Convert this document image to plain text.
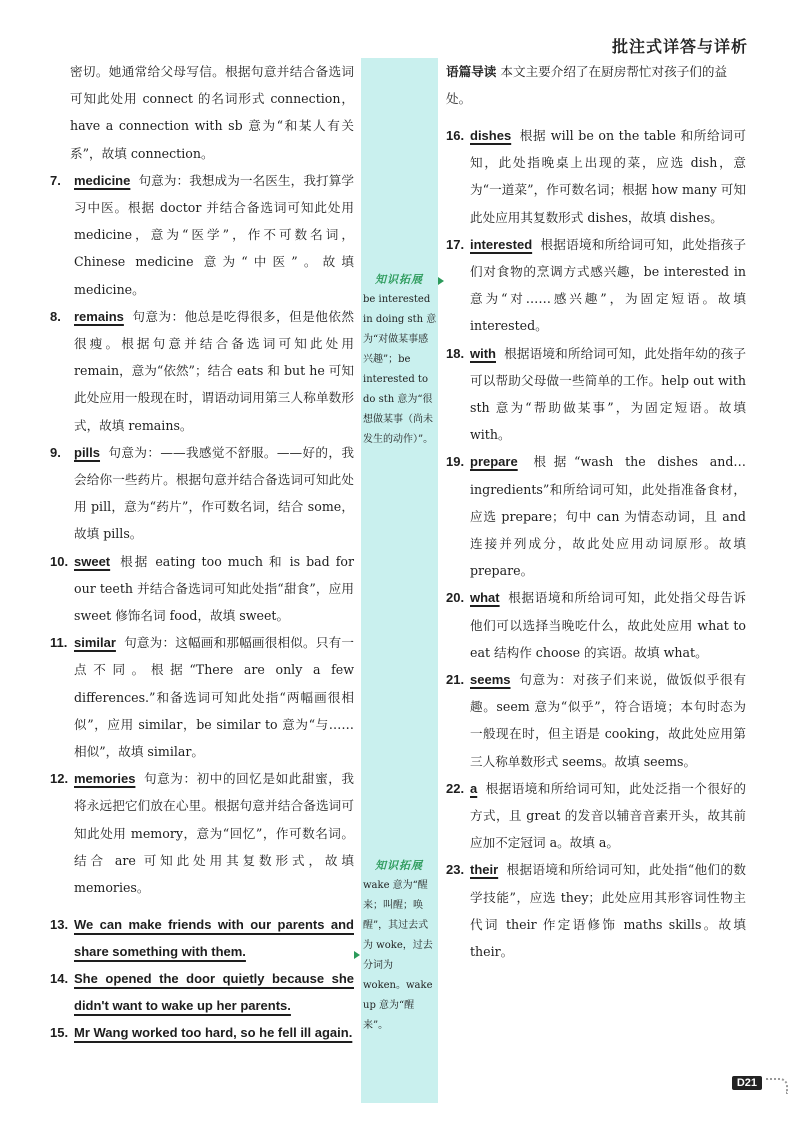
批注式详答与详析
密切。她通常给父母写信。根据句意并结合备选词可知此处用 connect 的名词形式 connection，have a connection with sb 意为“和某人有关系”，故填 connection。
7. medicine 句意为：我想成为一名医生，我打算学习中医。根据 doctor 并结合备选词可知此处用 medicine，意为“医学”，作不可数名词，Chinese medicine 意为“中医”。故填 medicine。
8. remains 句意为：他总是吃得很多，但是他依然很瘦。根据句意并结合备选词可知此处用 remain，意为“依然”；结合 eats 和 but he 可知此处应用一般现在时，谓语动词用第三人称单数形式，故填 remains。
9. pills 句意为：——我感觉不舒服。——好的，我会给你一些药片。根据句意并结合备选词可知此处用 pill，意为“药片”，作可数名词，结合 some，故填 pills。
10. sweet 根据 eating too much 和 is bad for our teeth 并结合备选词可知此处指“甜食”，应用 sweet 修饰名词 food，故填 sweet。
11. similar 句意为：这幅画和那幅画很相似。只有一点不同。根据“There are only a few differences.”和备选词可知此处指“两幅画很相似”，应用 similar，be similar to 意为“与……相似”，故填 similar。
12. memories 句意为：初中的回忆是如此甜蜜，我将永远把它们放在心里。根据句意并结合备选词可知此处用 memory，意为“回忆”，作可数名词。结合 are 可知此处用其复数形式，故填 memories。
13. We can make friends with our parents and share something with them.
14. She opened the door quietly because she didn't want to wake up her parents.
15. Mr Wang worked too hard, so he fell ill again.
知识拓展
be interested in doing sth 意为“对做某事感兴趣”；be interested to do sth 意为“很想做某事（尚未发生的动作）”。
知识拓展
wake 意为“醒来；叫醒；唤醒”，其过去式为 woke，过去分词为 woken。wake up 意为“醒来”。
语篇导读 本文主要介绍了在厨房帮忙对孩子们的益处。
16. dishes 根据 will be on the table 和所给词可知，此处指晚桌上出现的菜，应选 dish，意为“一道菜”，作可数名词；根据 how many 可知此处应用其复数形式 dishes，故填 dishes。
17. interested 根据语境和所给词可知，此处指孩子们对食物的烹调方式感兴趣，be interested in 意为“对……感兴趣”，为固定短语。故填 interested。
18. with 根据语境和所给词可知，此处指年幼的孩子可以帮助父母做一些简单的工作。help out with sth 意为“帮助做某事”，为固定短语。故填 with。
19. prepare 根据“wash the dishes and… ingredients”和所给词可知，此处指准备食材，应选 prepare；句中 can 为情态动词，且 and 连接并列成分，故此处应用动词原形。故填 prepare。
20. what 根据语境和所给词可知，此处指父母告诉他们可以选择当晚吃什么，故此处应用 what to eat 结构作 choose 的宾语。故填 what。
21. seems 句意为：对孩子们来说，做饭似乎很有趣。seem 意为“似乎”，符合语境；本句时态为一般现在时，但主语是 cooking，故此处应用第三人称单数形式 seems。故填 seems。
22. a 根据语境和所给词可知，此处泛指一个很好的方式，且 great 的发音以辅音音素开头，故其前应加不定冠词 a。故填 a。
23. their 根据语境和所给词可知，此处指“他们的数学技能”，应选 they；此处应用其形容词性物主代词 their 作定语修饰 maths skills。故填 their。
D21
